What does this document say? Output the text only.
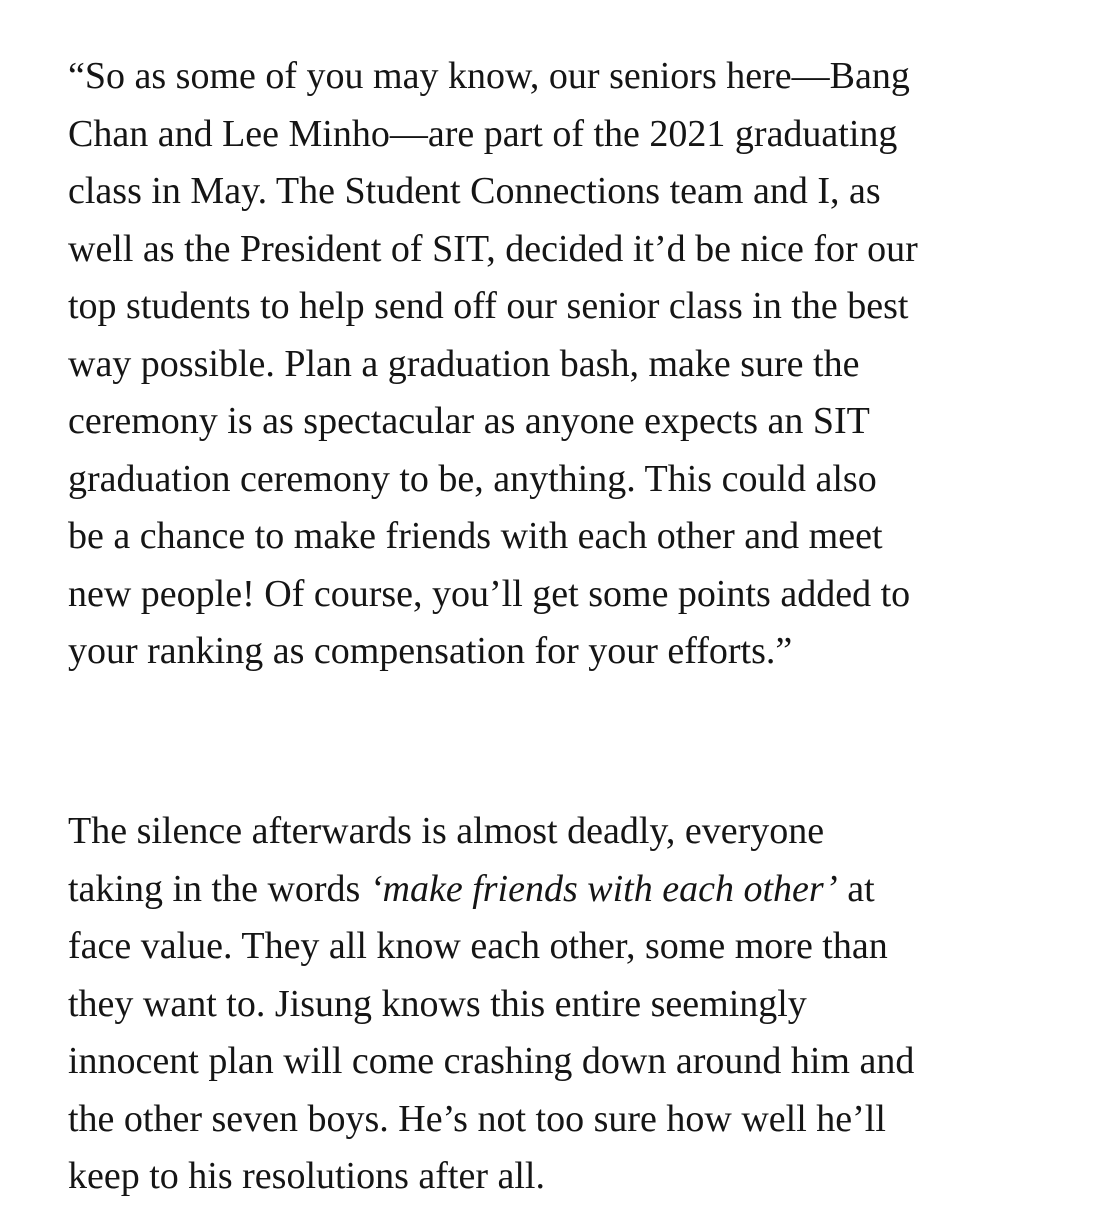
“So as some of you may know, our seniors here—Bang
Chan and Lee Minho—are part of the 2021 graduating
class in May. The Student Connections team and I, as
well as the President of SIT, decided it’d be nice for our
top students to help send off our senior class in the best
way possible. Plan a graduation bash, make sure the
ceremony is as spectacular as anyone expects an SIT
graduation ceremony to be, anything. This could also
be a chance to make friends with each other and meet
new people! Of course, you’ll get some points added to
your ranking as compensation for your efforts.”

The silence afterwards is almost deadly, everyone
taking in the words ‘make friends with each other’ at
face value. They all know each other, some more than
they want to. Jisung knows this entire seemingly
innocent plan will come crashing down around him and
the other seven boys. He’s not too sure how well he’ll
keep to his resolutions after all.
